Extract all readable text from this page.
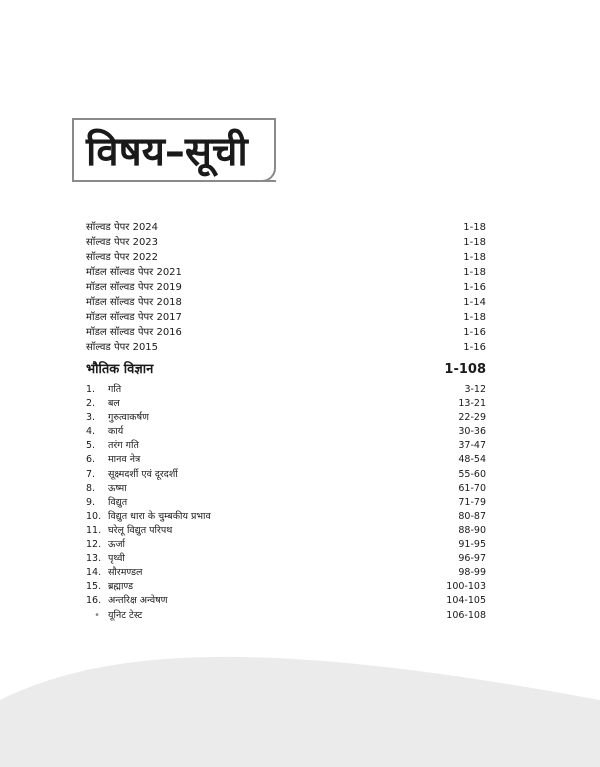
विषय–सूची
सॉल्वड पेपर 2024	1-18
सॉल्वड पेपर 2023	1-18
सॉल्वड पेपर 2022	1-18
मॉडल सॉल्वड पेपर 2021	1-18
मॉडल सॉल्वड पेपर 2019	1-16
मॉडल सॉल्वड पेपर 2018	1-14
मॉडल सॉल्वड पेपर 2017	1-18
मॉडल सॉल्वड पेपर 2016	1-16
सॉल्वड पेपर 2015	1-16
भौतिक विज्ञान	1-108
1. गति	3-12
2. बल	13-21
3. गुरुत्वाकर्षण	22-29
4. कार्य	30-36
5. तरंग गति	37-47
6. मानव नेत्र	48-54
7. सूक्ष्मदर्शी एवं दूरदर्शी	55-60
8. ऊष्मा	61-70
9. विद्युत	71-79
10. विद्युत धारा के चुम्बकीय प्रभाव	80-87
11. घरेलू विद्युत परिपथ	88-90
12. ऊर्जा	91-95
13. पृथ्वी	96-97
14. सौरमण्डल	98-99
15. ब्रह्माण्ड	100-103
16. अन्तरिक्ष अन्वेषण	104-105
• यूनिट टेस्ट	106-108
